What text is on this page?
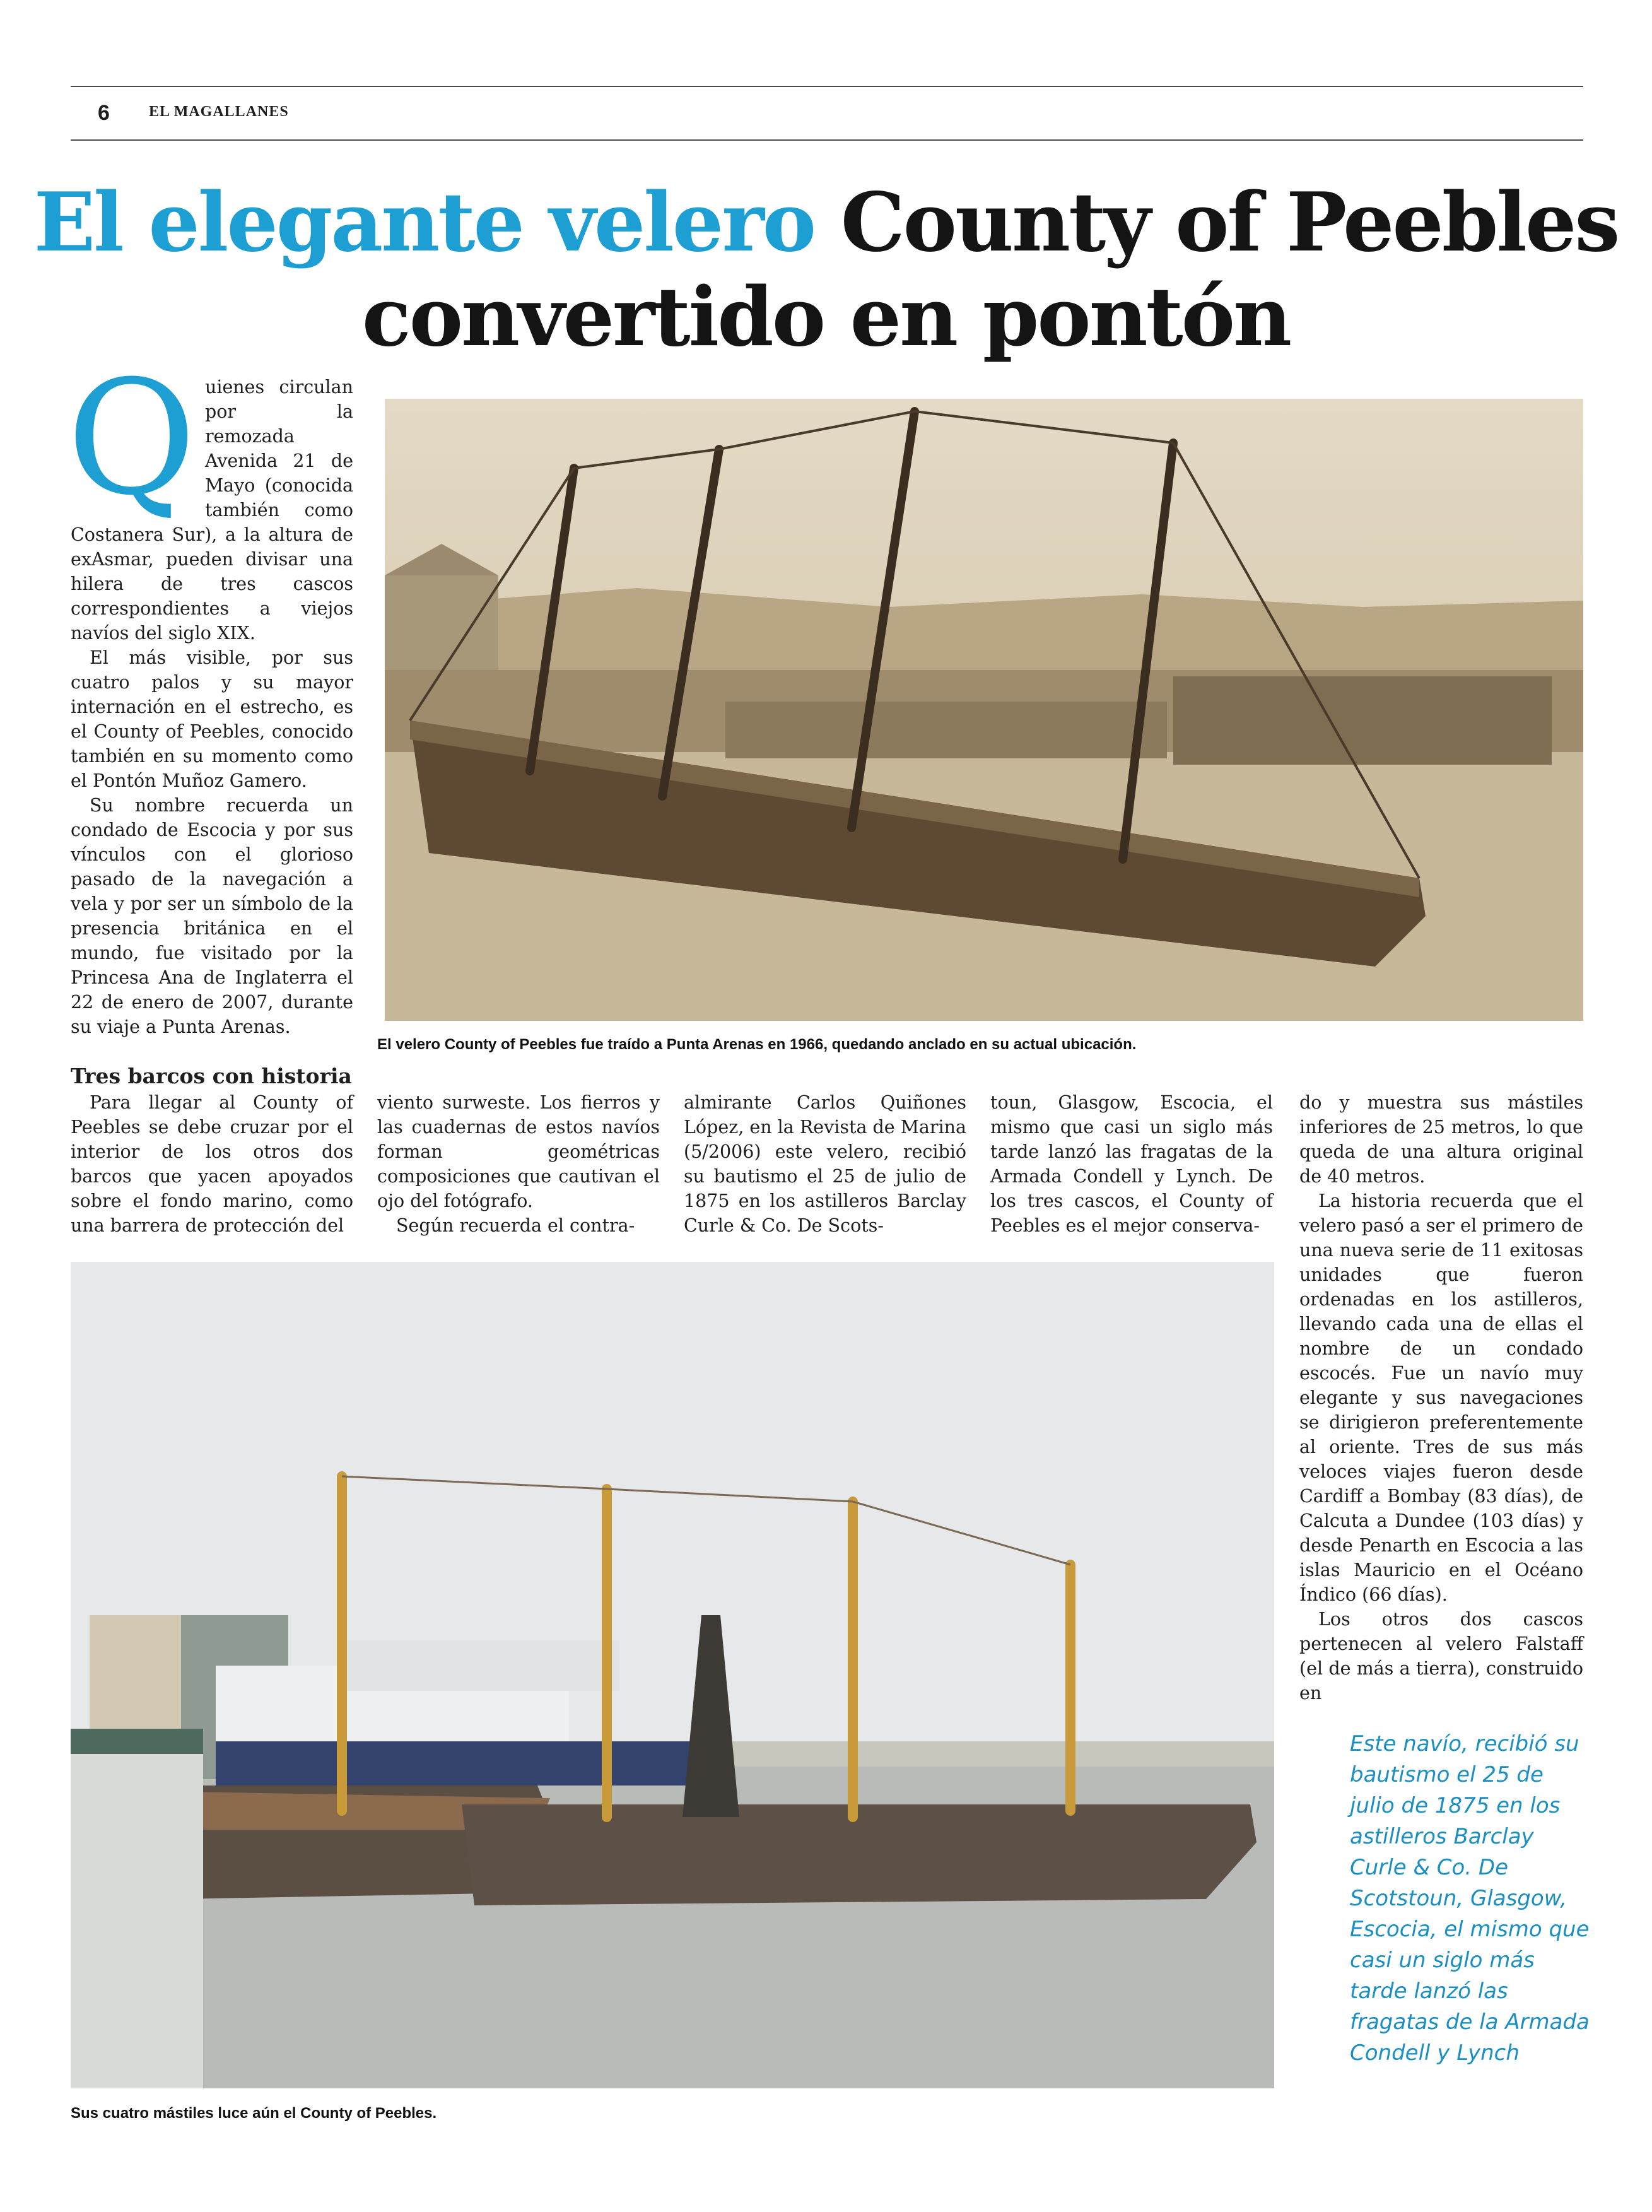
6	EL MAGALLANES
El elegante velero County of Peebles convertido en pontón

Quienes circulan por la remozada Avenida 21 de Mayo (conocida también como Costanera Sur), a la altura de exAsmar, pueden divisar una hilera de tres cascos correspondientes a viejos navíos del siglo XIX.

El más visible, por sus cuatro palos y su mayor internación en el estrecho, es el County of Peebles, conocido también en su momento como el Pontón Muñoz Gamero.

Su nombre recuerda un condado de Escocia y por sus vínculos con el glorioso pasado de la navegación a vela y por ser un símbolo de la presencia británica en el mundo, fue visitado por la Princesa Ana de Inglaterra el 22 de enero de 2007, durante su viaje a Punta Arenas.

El velero County of Peebles fue traído a Punta Arenas en 1966, quedando anclado en su actual ubicación.
Tres barcos con historia

Para llegar al County of Peebles se debe cruzar por el interior de los otros dos barcos que yacen apoyados sobre el fondo marino, como una barrera de protección del

viento surweste. Los fierros y las cuadernas de estos navíos forman geométricas composiciones que cautivan el ojo del fotógrafo.

Según recuerda el contra-

almirante Carlos Quiñones López, en la Revista de Marina (5/2006) este velero, recibió su bautismo el 25 de julio de 1875 en los astilleros Barclay Curle & Co. De Scots-

toun, Glasgow, Escocia, el mismo que casi un siglo más tarde lanzó las fragatas de la Armada Condell y Lynch. De los tres cascos, el County of Peebles es el mejor conserva-

do y muestra sus mástiles inferiores de 25 metros, lo que queda de una altura original de 40 metros.

La historia recuerda que el velero pasó a ser el primero de una nueva serie de 11 exitosas unidades que fueron ordenadas en los astilleros, llevando cada una de ellas el nombre de un condado escocés. Fue un navío muy elegante y sus navegaciones se dirigieron preferentemente al oriente. Tres de sus más veloces viajes fueron desde Cardiff a Bombay (83 días), de Calcuta a Dundee (103 días) y desde Penarth en Escocia a las islas Mauricio en el Océano Índico (66 días).

Los otros dos cascos pertenecen al velero Falstaff (el de más a tierra), construido en

Sus cuatro mástiles luce aún el County of Peebles.
Este navío, recibió su bautismo el 25 de julio de 1875 en los astilleros Barclay Curle & Co. De Scotstoun, Glasgow, Escocia, el mismo que casi un siglo más tarde lanzó las fragatas de la Armada Condell y Lynch
